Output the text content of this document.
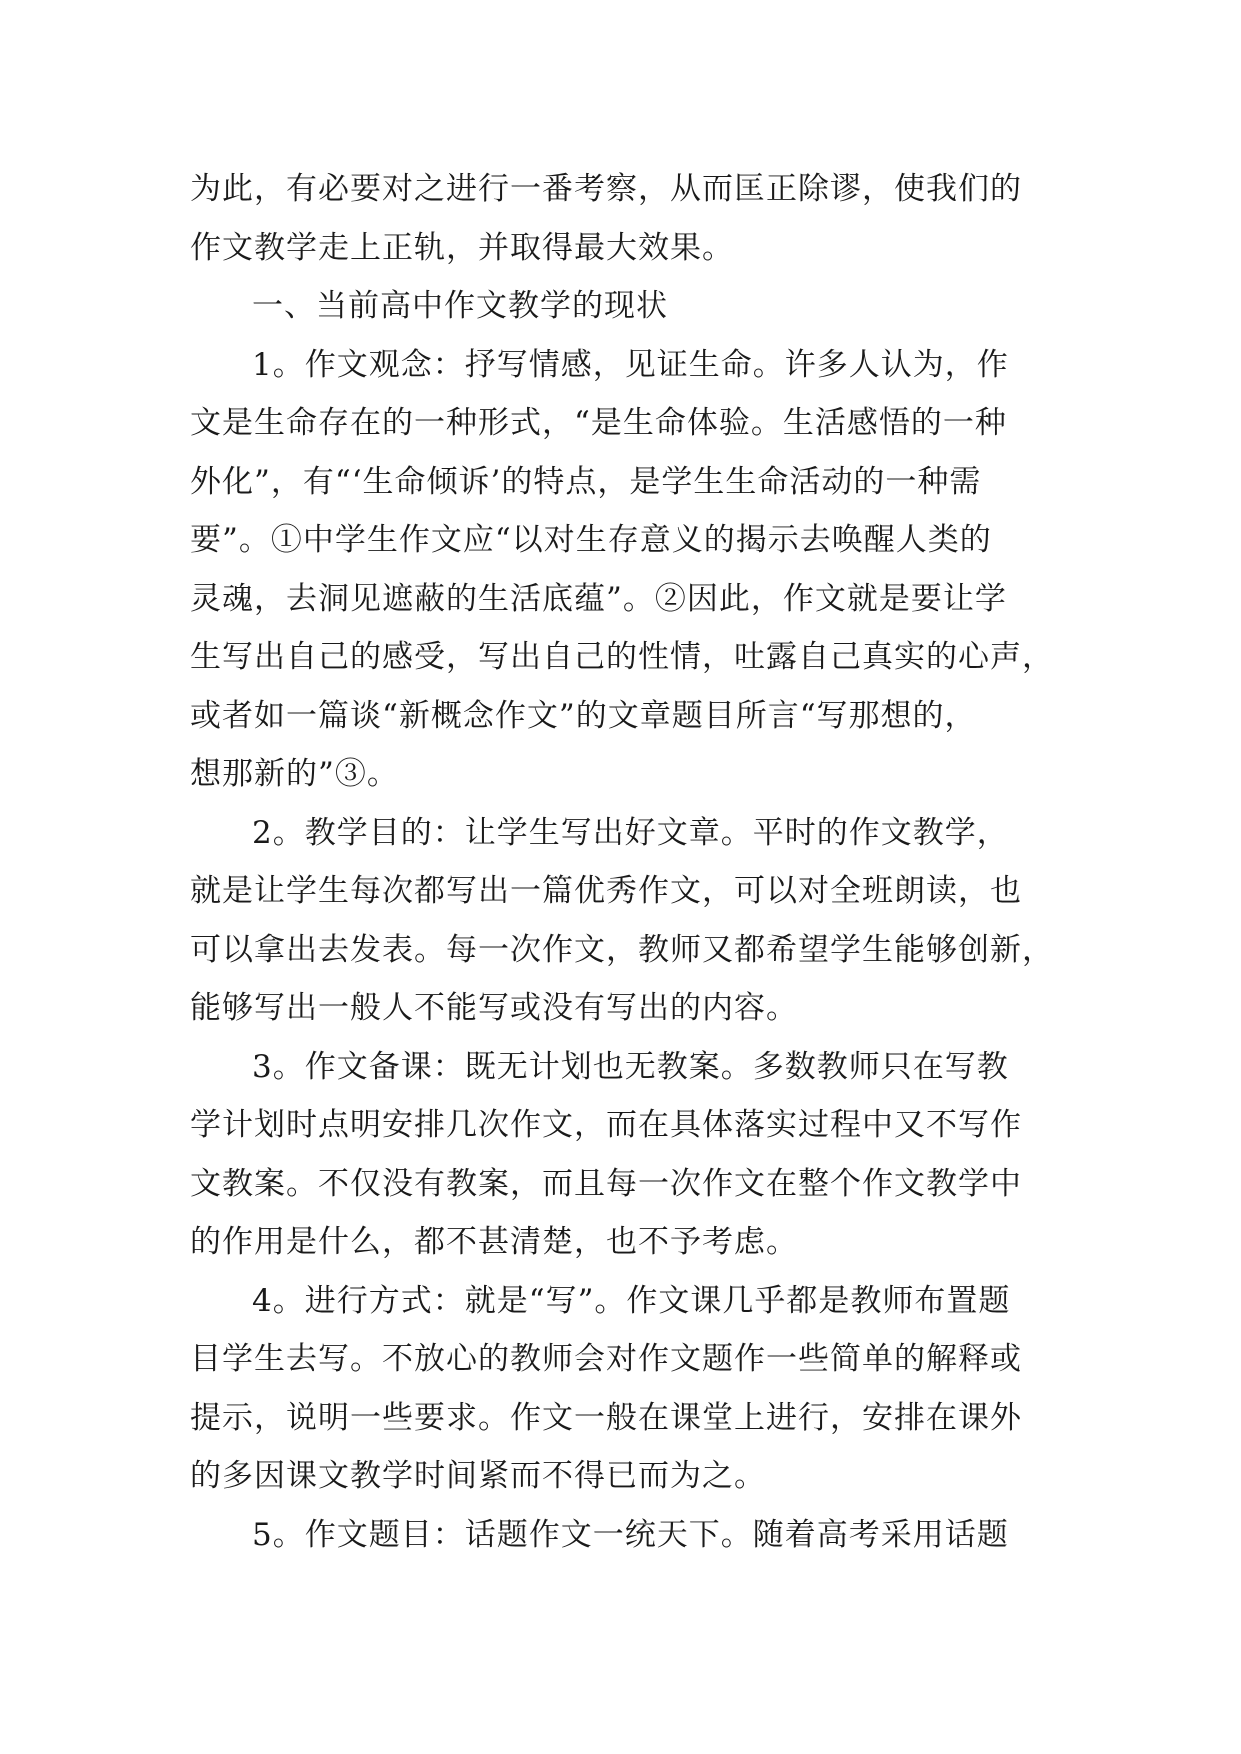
为此，有必要对之进行一番考察，从而匡正除谬，使我们的
作文教学走上正轨，并取得最大效果。
一、当前高中作文教学的现状
1。作文观念：抒写情感，见证生命。许多人认为，作
文是生命存在的一种形式，“是生命体验。生活感悟的一种
外化”，有“‘生命倾诉’的特点，是学生生命活动的一种需
要”。①中学生作文应“以对生存意义的揭示去唤醒人类的
灵魂，去洞见遮蔽的生活底蕴”。②因此，作文就是要让学
生写出自己的感受，写出自己的性情，吐露自己真实的心声，
或者如一篇谈“新概念作文”的文章题目所言“写那想的，
想那新的”③。
2。教学目的：让学生写出好文章。平时的作文教学，
就是让学生每次都写出一篇优秀作文，可以对全班朗读，也
可以拿出去发表。每一次作文，教师又都希望学生能够创新，
能够写出一般人不能写或没有写出的内容。
3。作文备课：既无计划也无教案。多数教师只在写教
学计划时点明安排几次作文，而在具体落实过程中又不写作
文教案。不仅没有教案，而且每一次作文在整个作文教学中
的作用是什么，都不甚清楚，也不予考虑。
4。进行方式：就是“写”。作文课几乎都是教师布置题
目学生去写。不放心的教师会对作文题作一些简单的解释或
提示，说明一些要求。作文一般在课堂上进行，安排在课外
的多因课文教学时间紧而不得已而为之。
5。作文题目：话题作文一统天下。随着高考采用话题
